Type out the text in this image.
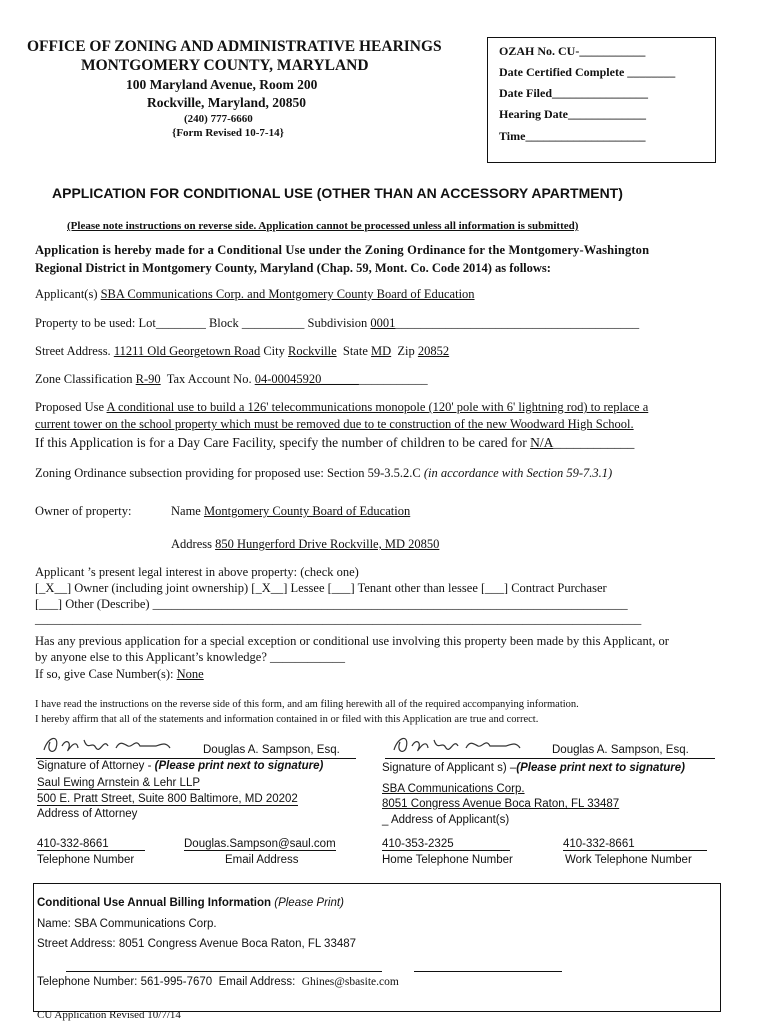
OFFICE OF ZONING AND ADMINISTRATIVE HEARINGS
MONTGOMERY COUNTY, MARYLAND
100 Maryland Avenue, Room 200
Rockville, Maryland, 20850
(240) 777-6660
{Form Revised 10-7-14}
OZAH No. CU-___________
Date Certified Complete ________
Date Filed________________
Hearing Date_____________
Time____________________
APPLICATION FOR CONDITIONAL USE (OTHER THAN AN ACCESSORY APARTMENT)
(Please note instructions on reverse side. Application cannot be processed unless all information is submitted)
Application is hereby made for a Conditional Use under the Zoning Ordinance for the Montgomery-Washington
Regional District in Montgomery County, Maryland (Chap. 59, Mont. Co. Code 2014) as follows:
Applicant(s) SBA Communications Corp. and Montgomery County Board of Education
Property to be used: Lot________ Block __________ Subdivision 0001_______________________________________
Street Address. 11211 Old Georgetown Road City Rockville State MD Zip 20852
Zone Classification R-90 Tax Account No. 04-00045920_________________
Proposed Use A conditional use to build a 126' telecommunications monopole (120' pole with 6' lightning rod) to replace a
current tower on the school property which must be removed due to te construction of the new Woodward High School.
If this Application is for a Day Care Facility, specify the number of children to be cared for N/A____________
Zoning Ordinance subsection providing for proposed use: Section 59-3.5.2.C (in accordance with Section 59-7.3.1)
Owner of property:	Name Montgomery County Board of Education
Address 850 Hungerford Drive Rockville, MD 20850
Applicant ’s present legal interest in above property: (check one)
[_X__] Owner (including joint ownership) [_X__] Lessee [___] Tenant other than lessee [___] Contract Purchaser
[___] Other (Describe) ____________________________________________________________________________
_________________________________________________________________________________________________
Has any previous application for a special exception or conditional use involving this property been made by this Applicant, or
by anyone else to this Applicant’s knowledge? ____________
If so, give Case Number(s): None
I have read the instructions on the reverse side of this form, and am filing herewith all of the required accompanying information.
I hereby affirm that all of the statements and information contained in or filed with this Application are true and correct.
Douglas A. Sampson, Esq.
Signature of Attorney - (Please print next to signature)
Saul Ewing Arnstein & Lehr LLP
500 E. Pratt Street, Suite 800 Baltimore, MD 20202
Address of Attorney
410-332-8661
Telephone Number
Douglas.Sampson@saul.com
Email Address
Douglas A. Sampson, Esq.
Signature of Applicant s) –(Please print next to signature)
SBA Communications Corp.
8051 Congress Avenue Boca Raton, FL 33487
_ Address of Applicant(s)
410-353-2325
Home Telephone Number
410-332-8661
Work Telephone Number
Conditional Use Annual Billing Information (Please Print)
Name: SBA Communications Corp.
Street Address: 8051 Congress Avenue Boca Raton, FL 33487
Telephone Number: 561-995-7670 Email Address: Ghines@sbasite.com
CU Application Revised 10/7/14
